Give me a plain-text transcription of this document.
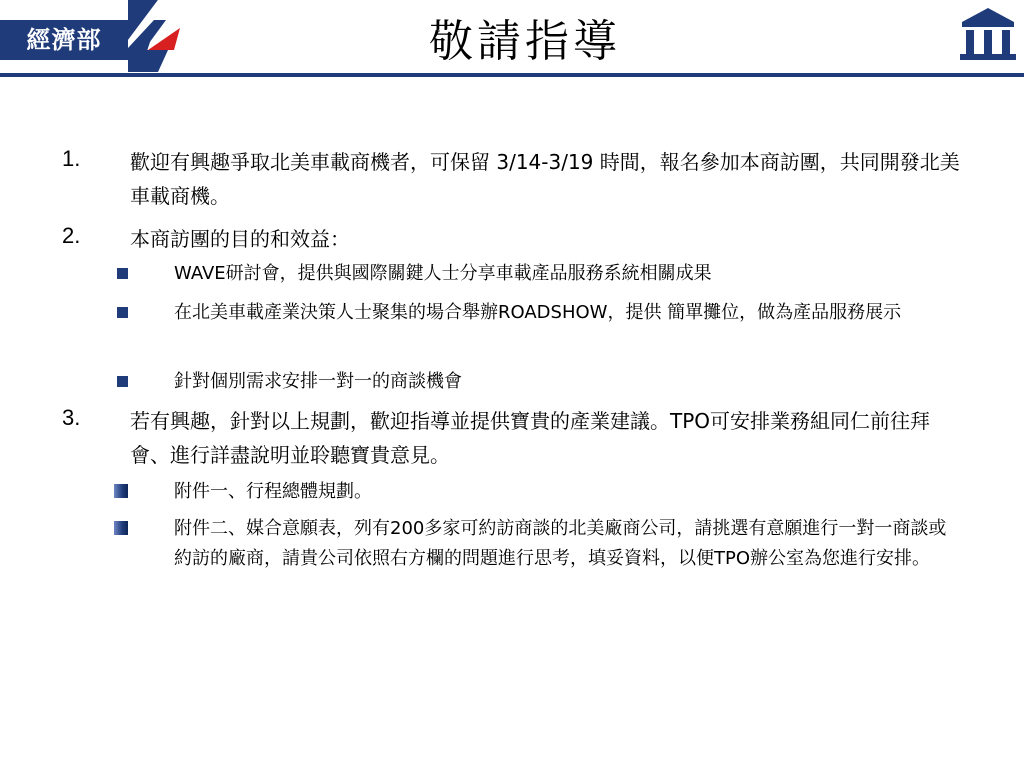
經濟部	敬請指導
1. 歡迎有興趣爭取北美車載商機者，可保留 3/14-3/19 時間，報名參加本商訪團，共同開發北美車載商機。
2. 本商訪團的目的和效益：
WAVE研討會，提供與國際關鍵人士分享車載產品服務系統相關成果
在北美車載產業決策人士聚集的場合舉辦ROADSHOW，提供 簡單攤位，做為產品服務展示
針對個別需求安排一對一的商談機會
3. 若有興趣，針對以上規劃，歡迎指導並提供寶貴的產業建議。TPO可安排業務組同仁前往拜會、進行詳盡說明並聆聽寶貴意見。
附件一、行程總體規劃。
附件二、媒合意願表，列有200多家可約訪商談的北美廠商公司，請挑選有意願進行一對一商談或約訪的廠商，請貴公司依照右方欄的問題進行思考，填妥資料，以便TPO辦公室為您進行安排。
